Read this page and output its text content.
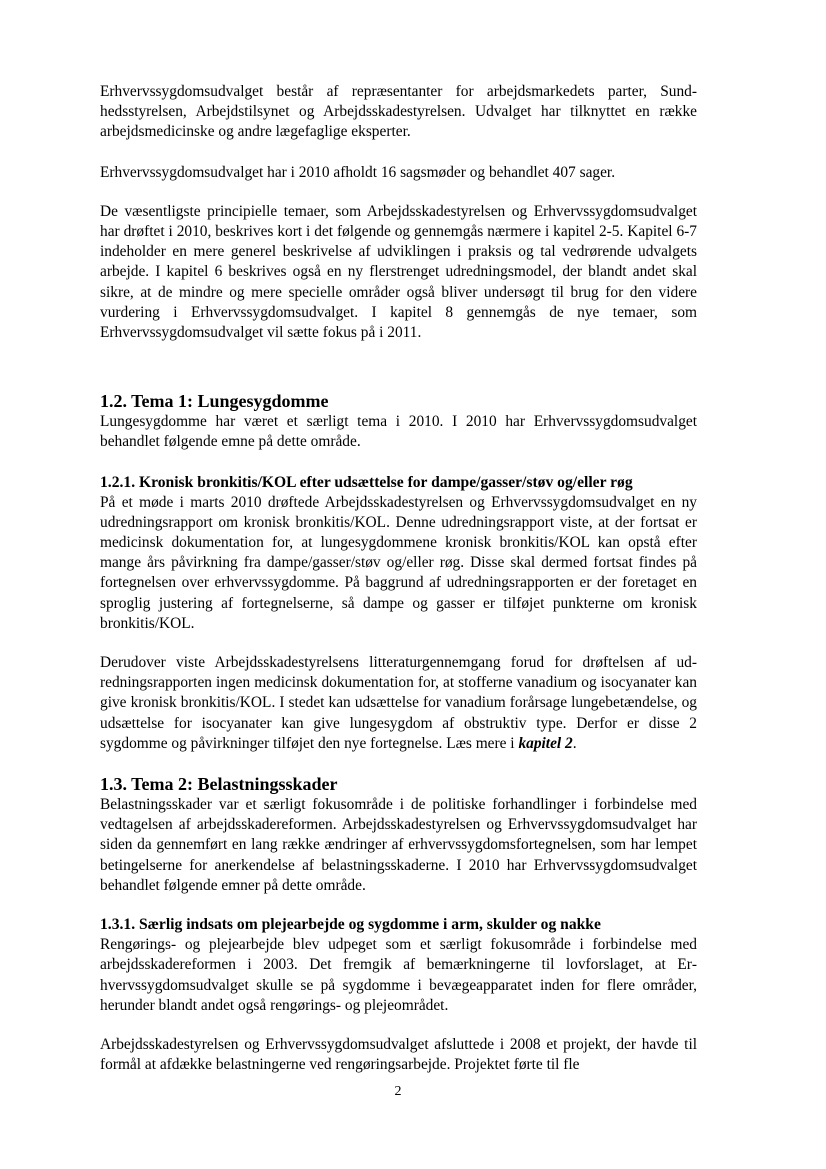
Erhvervssygdomsudvalget består af repræsentanter for arbejdsmarkedets parter, Sundhedsstyrelsen, Arbejdstilsynet og Arbejdsskadestyrelsen. Udvalget har tilknyttet en række arbejdsmedicinske og andre lægefaglige eksperter.

Erhvervssygdomsudvalget har i 2010 afholdt 16 sagsmøder og behandlet 407 sager.

De væsentligste principielle temaer, som Arbejdsskadestyrelsen og Erhvervssygdomsudvalget har drøftet i 2010, beskrives kort i det følgende og gennemgås nærmere i kapitel 2-5. Kapitel 6-7 indeholder en mere generel beskrivelse af udviklingen i praksis og tal vedrørende udvalgets arbejde. I kapitel 6 beskrives også en ny flerstrenget udredningsmodel, der blandt andet skal sikre, at de mindre og mere specielle områder også bliver undersøgt til brug for den videre vurdering i Erhvervssygdomsudvalget. I kapitel 8 gennemgås de nye temaer, som Erhvervssygdomsudvalget vil sætte fokus på i 2011.

1.2. Tema 1: Lungesygdomme

Lungesygdomme har været et særligt tema i 2010. I 2010 har Erhvervssygdomsudvalget behandlet følgende emne på dette område.

1.2.1. Kronisk bronkitis/KOL efter udsættelse for dampe/gasser/støv og/eller røg

På et møde i marts 2010 drøftede Arbejdsskadestyrelsen og Erhvervssygdomsudvalget en ny udredningsrapport om kronisk bronkitis/KOL. Denne udredningsrapport viste, at der fortsat er medicinsk dokumentation for, at lungesygdommene kronisk bronkitis/KOL kan opstå efter mange års påvirkning fra dampe/gasser/støv og/eller røg. Disse skal dermed fortsat findes på fortegnelsen over erhvervssygdomme. På baggrund af udredningsrapporten er der foretaget en sproglig justering af fortegnelserne, så dampe og gasser er tilføjet punkterne om kronisk bronkitis/KOL.

Derudover viste Arbejdsskadestyrelsens litteraturgennemgang forud for drøftelsen af udredningsrapporten ingen medicinsk dokumentation for, at stofferne vanadium og isocyanater kan give kronisk bronkitis/KOL. I stedet kan udsættelse for vanadium forårsage lungebetændelse, og udsættelse for isocyanater kan give lungesygdom af obstruktiv type. Derfor er disse 2 sygdomme og påvirkninger tilføjet den nye fortegnelse. Læs mere i kapitel 2.

1.3. Tema 2: Belastningsskader

Belastningsskader var et særligt fokusområde i de politiske forhandlinger i forbindelse med vedtagelsen af arbejdsskadereformen. Arbejdsskadestyrelsen og Erhvervssygdomsudvalget har siden da gennemført en lang række ændringer af erhvervssygdomsfortegnelsen, som har lempet betingelserne for anerkendelse af belastningsskaderne. I 2010 har Erhvervssygdomsudvalget behandlet følgende emner på dette område.

1.3.1. Særlig indsats om plejearbejde og sygdomme i arm, skulder og nakke

Rengørings- og plejearbejde blev udpeget som et særligt fokusområde i forbindelse med arbejdsskadereformen i 2003. Det fremgik af bemærkningerne til lovforslaget, at Erhvervssygdomsudvalget skulle se på sygdomme i bevægeapparatet inden for flere områder, herunder blandt andet også rengørings- og plejeområdet.

Arbejdsskadestyrelsen og Erhvervssygdomsudvalget afsluttede i 2008 et projekt, der havde til formål at afdække belastningerne ved rengøringsarbejde. Projektet førte til fle

2
